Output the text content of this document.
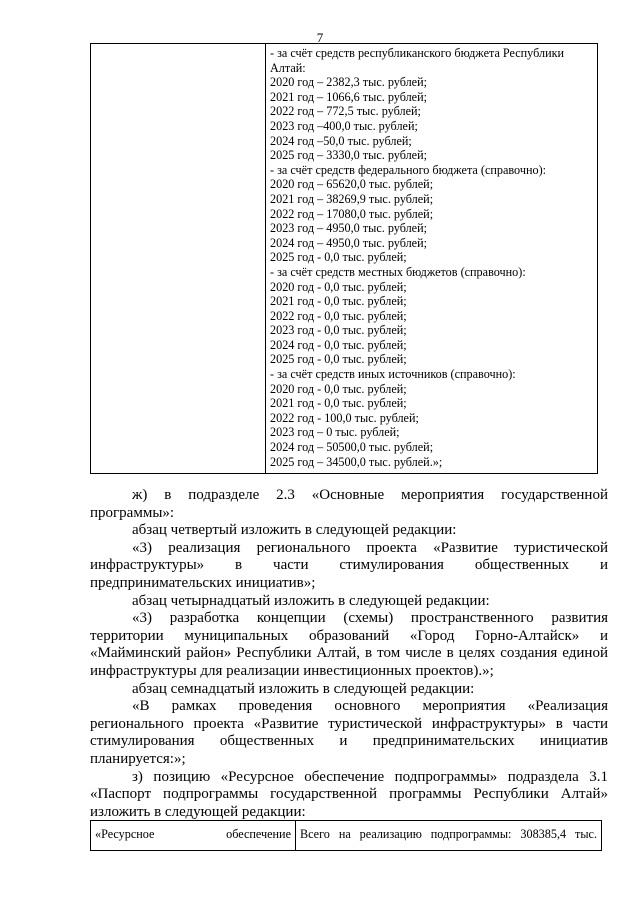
7

- за счёт средств республиканского бюджета Республики
Алтай:
2020 год – 2382,3 тыс. рублей;
2021 год – 1066,6 тыс. рублей;
2022 год – 772,5 тыс. рублей;
2023 год –400,0 тыс. рублей;
2024 год –50,0 тыс. рублей;
2025 год – 3330,0 тыс. рублей;
- за счёт средств федерального бюджета (справочно):
2020 год – 65620,0 тыс. рублей;
2021 год – 38269,9 тыс. рублей;
2022 год – 17080,0 тыс. рублей;
2023 год – 4950,0 тыс. рублей;
2024 год – 4950,0 тыс. рублей;
2025 год - 0,0 тыс. рублей;
- за счёт средств местных бюджетов (справочно):
2020 год - 0,0 тыс. рублей;
2021 год - 0,0 тыс. рублей;
2022 год - 0,0 тыс. рублей;
2023 год - 0,0 тыс. рублей;
2024 год - 0,0 тыс. рублей;
2025 год - 0,0 тыс. рублей;
- за счёт средств иных источников (справочно):
2020 год - 0,0 тыс. рублей;
2021 год - 0,0 тыс. рублей;
2022 год - 100,0 тыс. рублей;
2023 год – 0 тыс. рублей;
2024 год – 50500,0 тыс. рублей;
2025 год – 34500,0 тыс. рублей.»;

ж) в подразделе 2.3 «Основные мероприятия государственной программы»:

абзац четвертый изложить в следующей редакции:

«3) реализация регионального проекта «Развитие туристической инфраструктуры» в части стимулирования общественных и предпринимательских инициатив»;

абзац четырнадцатый изложить в следующей редакции:

«3) разработка концепции (схемы) пространственного развития территории муниципальных образований «Город Горно-Алтайск» и «Майминский район» Республики Алтай, в том числе в целях создания единой инфраструктуры для реализации инвестиционных проектов).»;

абзац семнадцатый изложить в следующей редакции:

«В рамках проведения основного мероприятия «Реализация регионального проекта «Развитие туристической инфраструктуры» в части стимулирования общественных и предпринимательских инициатив планируется:»;

з) позицию «Ресурсное обеспечение подпрограммы» подраздела 3.1 «Паспорт подпрограммы государственной программы Республики Алтай» изложить в следующей редакции:

«Ресурсное обеспечение	Всего на реализацию подпрограммы: 308385,4 тыс.
